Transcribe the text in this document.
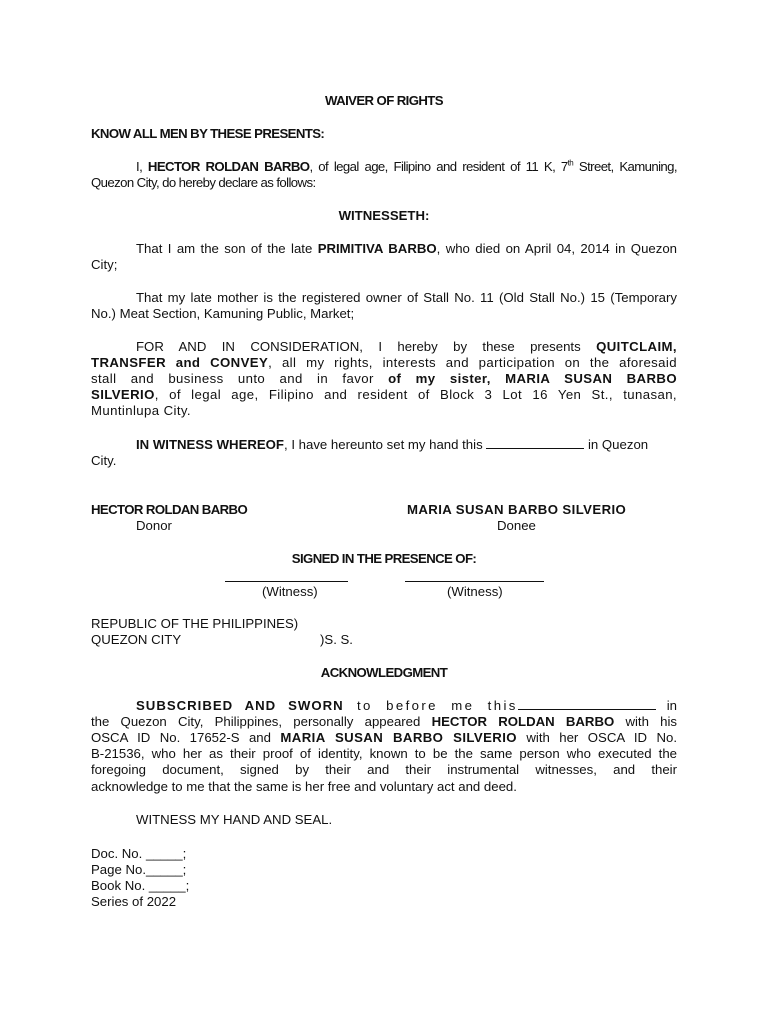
WAIVER OF RIGHTS
KNOW ALL MEN BY THESE PRESENTS:
I, HECTOR ROLDAN BARBO, of legal age, Filipino and resident of 11 K, 7th Street, Kamuning,
Quezon City, do hereby declare as follows:
WITNESSETH:
That I am the son of the late PRIMITIVA BARBO, who died on April 04, 2014 in Quezon
City;
That my late mother is the registered owner of Stall No. 11 (Old Stall No.) 15 (Temporary
No.) Meat Section, Kamuning Public, Market;
FOR AND IN CONSIDERATION, I hereby by these presents QUITCLAIM,
TRANSFER and CONVEY, all my rights, interests and participation on the aforesaid
stall and business unto and in favor of my sister, MARIA SUSAN BARBO
SILVERIO, of legal age, Filipino and resident of Block 3 Lot 16 Yen St., tunasan,
Muntinlupa City.
IN WITNESS WHEREOF, I have hereunto set my hand this	in Quezon
City.
HECTOR ROLDAN BARBO	MARIA SUSAN BARBO SILVERIO
Donor	Donee
SIGNED IN THE PRESENCE OF:
(Witness)	(Witness)
REPUBLIC OF THE PHILIPPINES)
QUEZON CITY	)S. S.
ACKNOWLEDGMENT
SUBSCRIBED AND SWORN to before me this	in
the Quezon City, Philippines, personally appeared HECTOR ROLDAN BARBO with his
OSCA ID No. 17652-S and MARIA SUSAN BARBO SILVERIO with her OSCA ID No.
B-21536, who her as their proof of identity, known to be the same person who executed the
foregoing document, signed by their and their instrumental witnesses, and their
acknowledge to me that the same is her free and voluntary act and deed.
WITNESS MY HAND AND SEAL.
Doc. No. _____;
Page No._____;
Book No. _____;
Series of 2022
